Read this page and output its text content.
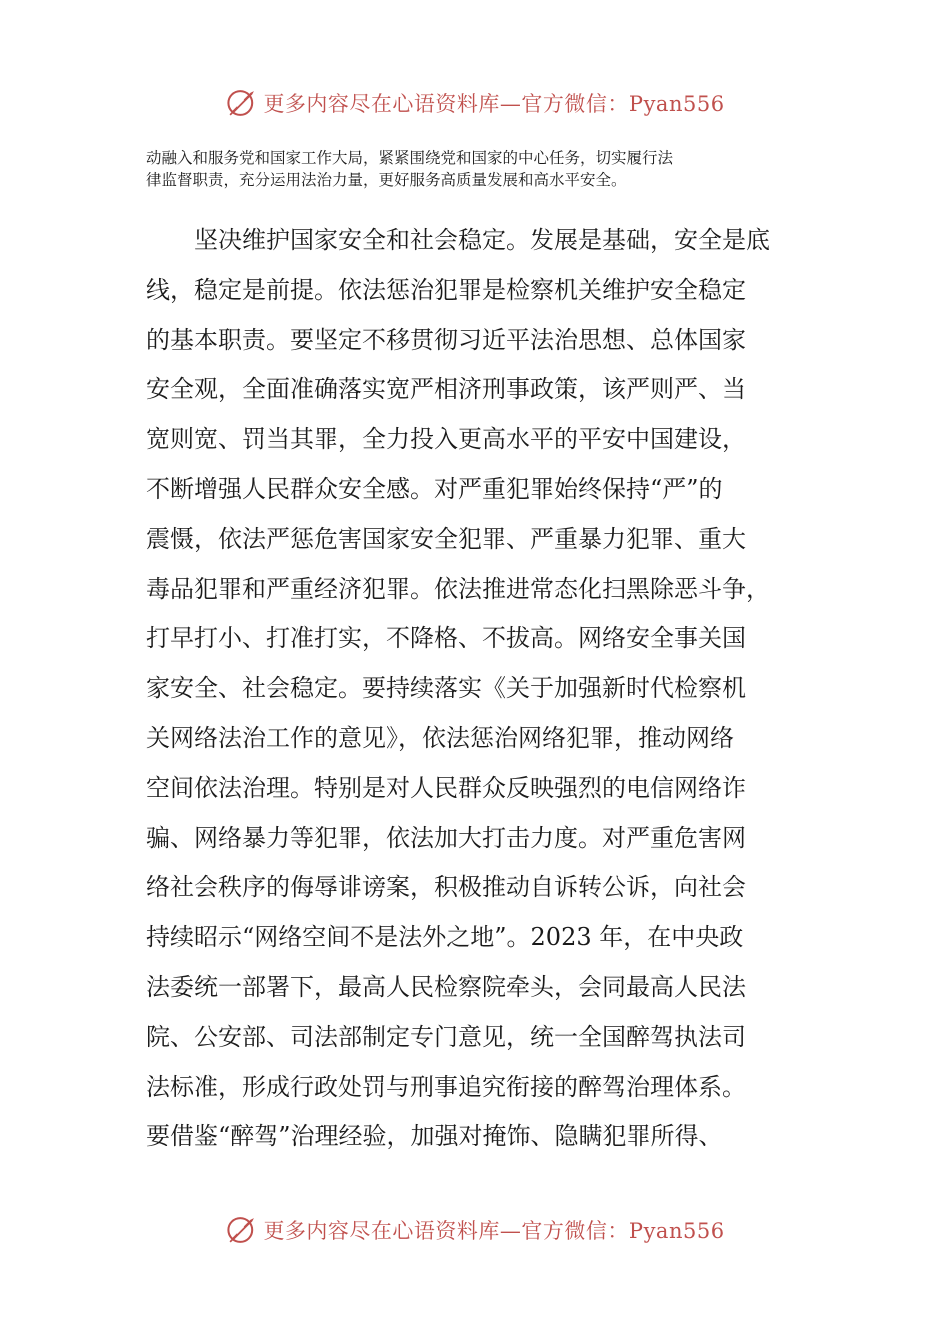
更多内容尽在心语资料库—官方微信：Pyan556
动融入和服务党和国家工作大局，紧紧围绕党和国家的中心任务，切实履行法
律监督职责，充分运用法治力量，更好服务高质量发展和高水平安全。
坚决维护国家安全和社会稳定。发展是基础，安全是底
线，稳定是前提。依法惩治犯罪是检察机关维护安全稳定
的基本职责。要坚定不移贯彻习近平法治思想、总体国家
安全观，全面准确落实宽严相济刑事政策，该严则严、当
宽则宽、罚当其罪，全力投入更高水平的平安中国建设，
不断增强人民群众安全感。对严重犯罪始终保持“严”的
震慑，依法严惩危害国家安全犯罪、严重暴力犯罪、重大
毒品犯罪和严重经济犯罪。依法推进常态化扫黑除恶斗争，
打早打小、打准打实，不降格、不拔高。网络安全事关国
家安全、社会稳定。要持续落实《关于加强新时代检察机
关网络法治工作的意见》，依法惩治网络犯罪，推动网络
空间依法治理。特别是对人民群众反映强烈的电信网络诈
骗、网络暴力等犯罪，依法加大打击力度。对严重危害网
络社会秩序的侮辱诽谤案，积极推动自诉转公诉，向社会
持续昭示“网络空间不是法外之地”。2023 年，在中央政
法委统一部署下，最高人民检察院牵头，会同最高人民法
院、公安部、司法部制定专门意见，统一全国醉驾执法司
法标准，形成行政处罚与刑事追究衔接的醉驾治理体系。
要借鉴“醉驾”治理经验，加强对掩饰、隐瞒犯罪所得、
更多内容尽在心语资料库—官方微信：Pyan556
